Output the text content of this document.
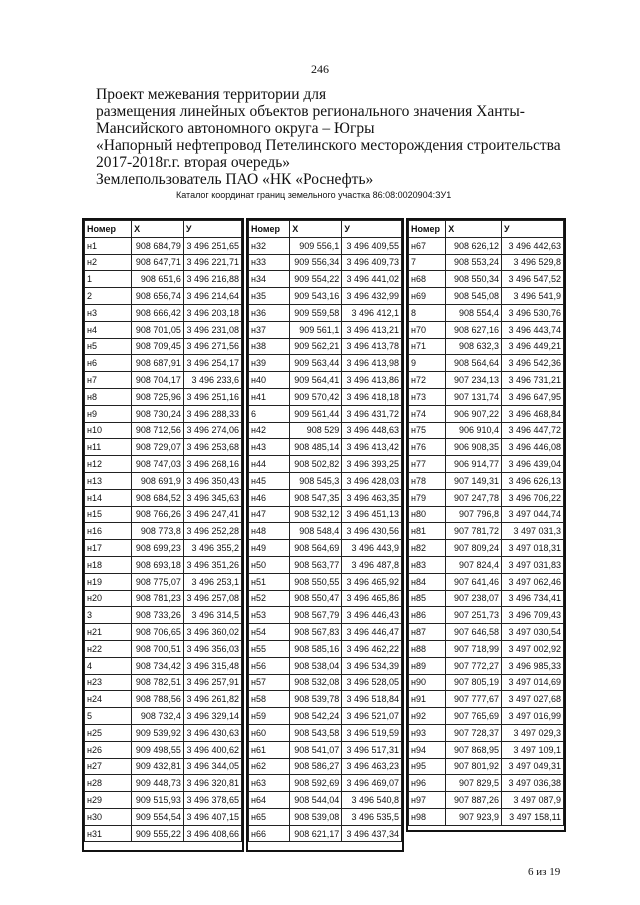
246
Проект межевания территории для
размещения линейных объектов регионального значения Ханты-
Мансийского автономного округа – Югры
«Напорный нефтепровод Петелинского месторождения строительства
2017-2018г.г. вторая очередь»
Землепользователь ПАО «НК «Роснефть»
Каталог координат границ земельного участка 86:08:0020904:ЗУ1
Номер	X	У
н1	908 684,79	3 496 251,65
н2	908 647,71	3 496 221,71
1	908 651,6	3 496 216,88
2	908 656,74	3 496 214,64
н3	908 666,42	3 496 203,18
н4	908 701,05	3 496 231,08
н5	908 709,45	3 496 271,56
н6	908 687,91	3 496 254,17
н7	908 704,17	3 496 233,6
н8	908 725,96	3 496 251,16
н9	908 730,24	3 496 288,33
н10	908 712,56	3 496 274,06
н11	908 729,07	3 496 253,68
н12	908 747,03	3 496 268,16
н13	908 691,9	3 496 350,43
н14	908 684,52	3 496 345,63
н15	908 766,26	3 496 247,41
н16	908 773,8	3 496 252,28
н17	908 699,23	3 496 355,2
н18	908 693,18	3 496 351,26
н19	908 775,07	3 496 253,1
н20	908 781,23	3 496 257,08
3	908 733,26	3 496 314,5
н21	908 706,65	3 496 360,02
н22	908 700,51	3 496 356,03
4	908 734,42	3 496 315,48
н23	908 782,51	3 496 257,91
н24	908 788,56	3 496 261,82
5	908 732,4	3 496 329,14
н25	909 539,92	3 496 430,63
н26	909 498,55	3 496 400,62
н27	909 432,81	3 496 344,05
н28	909 448,73	3 496 320,81
н29	909 515,93	3 496 378,65
н30	909 554,54	3 496 407,15
н31	909 555,22	3 496 408,66
Номер	X	У
н32	909 556,1	3 496 409,55
н33	909 556,34	3 496 409,73
н34	909 554,22	3 496 441,02
н35	909 543,16	3 496 432,99
н36	909 559,58	3 496 412,1
н37	909 561,1	3 496 413,21
н38	909 562,21	3 496 413,78
н39	909 563,44	3 496 413,98
н40	909 564,41	3 496 413,86
н41	909 570,42	3 496 418,18
6	909 561,44	3 496 431,72
н42	908 529	3 496 448,63
н43	908 485,14	3 496 413,42
н44	908 502,82	3 496 393,25
н45	908 545,3	3 496 428,03
н46	908 547,35	3 496 463,35
н47	908 532,12	3 496 451,13
н48	908 548,4	3 496 430,56
н49	908 564,69	3 496 443,9
н50	908 563,77	3 496 487,8
н51	908 550,55	3 496 465,92
н52	908 550,47	3 496 465,86
н53	908 567,79	3 496 446,43
н54	908 567,83	3 496 446,47
н55	908 585,16	3 496 462,22
н56	908 538,04	3 496 534,39
н57	908 532,08	3 496 528,05
н58	908 539,78	3 496 518,84
н59	908 542,24	3 496 521,07
н60	908 543,58	3 496 519,59
н61	908 541,07	3 496 517,31
н62	908 586,27	3 496 463,23
н63	908 592,69	3 496 469,07
н64	908 544,04	3 496 540,8
н65	908 539,08	3 496 535,5
н66	908 621,17	3 496 437,34
Номер	X	У
н67	908 626,12	3 496 442,63
7	908 553,24	3 496 529,8
н68	908 550,34	3 496 547,52
н69	908 545,08	3 496 541,9
8	908 554,4	3 496 530,76
н70	908 627,16	3 496 443,74
н71	908 632,3	3 496 449,21
9	908 564,64	3 496 542,36
н72	907 234,13	3 496 731,21
н73	907 131,74	3 496 647,95
н74	906 907,22	3 496 468,84
н75	906 910,4	3 496 447,72
н76	906 908,35	3 496 446,08
н77	906 914,77	3 496 439,04
н78	907 149,31	3 496 626,13
н79	907 247,78	3 496 706,22
н80	907 796,8	3 497 044,74
н81	907 781,72	3 497 031,3
н82	907 809,24	3 497 018,31
н83	907 824,4	3 497 031,83
н84	907 641,46	3 497 062,46
н85	907 238,07	3 496 734,41
н86	907 251,73	3 496 709,43
н87	907 646,58	3 497 030,54
н88	907 718,99	3 497 002,92
н89	907 772,27	3 496 985,33
н90	907 805,19	3 497 014,69
н91	907 777,67	3 497 027,68
н92	907 765,69	3 497 016,99
н93	907 728,37	3 497 029,3
н94	907 868,95	3 497 109,1
н95	907 801,92	3 497 049,31
н96	907 829,5	3 497 036,38
н97	907 887,26	3 497 087,9
н98	907 923,9	3 497 158,11
6 из 19
